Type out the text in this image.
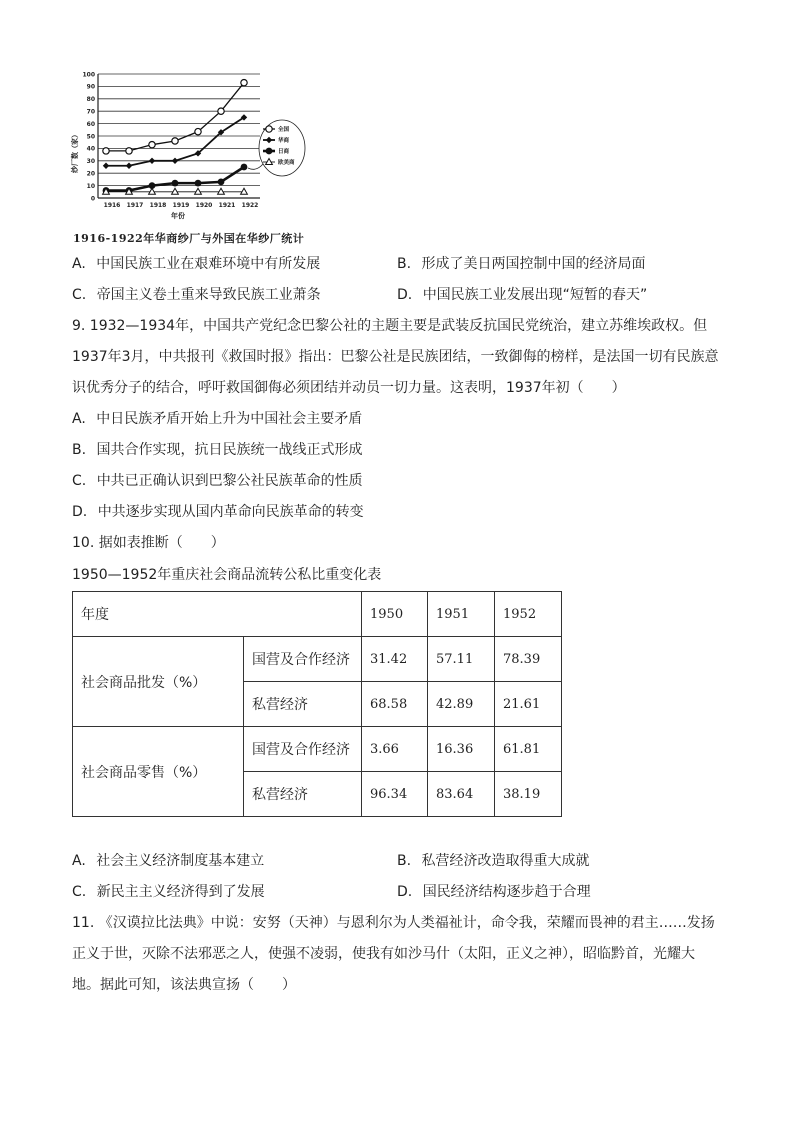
0
10
20
30
40
50
60
70
80
90
100
1916 1917 1918 1919 1920 1921 1922
全国
华商
日商
欧美商
年份
纱厂数（家）
1916-1922年华商纱厂与外国在华纱厂统计
A. 中国民族工业在艰难环境中有所发展	B. 形成了美日两国控制中国的经济局面
C. 帝国主义卷土重来导致民族工业萧条	D. 中国民族工业发展出现“短暂的春天”
9. 1932—1934年，中国共产党纪念巴黎公社的主题主要是武装反抗国民党统治，建立苏维埃政权。但
1937年3月，中共报刊《救国时报》指出：巴黎公社是民族团结，一致御侮的榜样，是法国一切有民族意
识优秀分子的结合，呼吁救国御侮必须团结并动员一切力量。这表明，1937年初（　　）
A. 中日民族矛盾开始上升为中国社会主要矛盾
B. 国共合作实现，抗日民族统一战线正式形成
C. 中共已正确认识到巴黎公社民族革命的性质
D. 中共逐步实现从国内革命向民族革命的转变
10. 据如表推断（　　）
1950—1952年重庆社会商品流转公私比重变化表
年度		1950	1951	1952
社会商品批发（%）	国营及合作经济	31.42	57.11	78.39
	私营经济	68.58	42.89	21.61
社会商品零售（%）	国营及合作经济	3.66	16.36	61.81
	私营经济	96.34	83.64	38.19
A. 社会主义经济制度基本建立	B. 私营经济改造取得重大成就
C. 新民主主义经济得到了发展	D. 国民经济结构逐步趋于合理
11. 《汉谟拉比法典》中说：安努（天神）与恩利尔为人类福祉计，命令我，荣耀而畏神的君主……发扬
正义于世，灭除不法邪恶之人，使强不凌弱，使我有如沙马什（太阳，正义之神），昭临黔首，光耀大
地。据此可知，该法典宣扬（　　）
